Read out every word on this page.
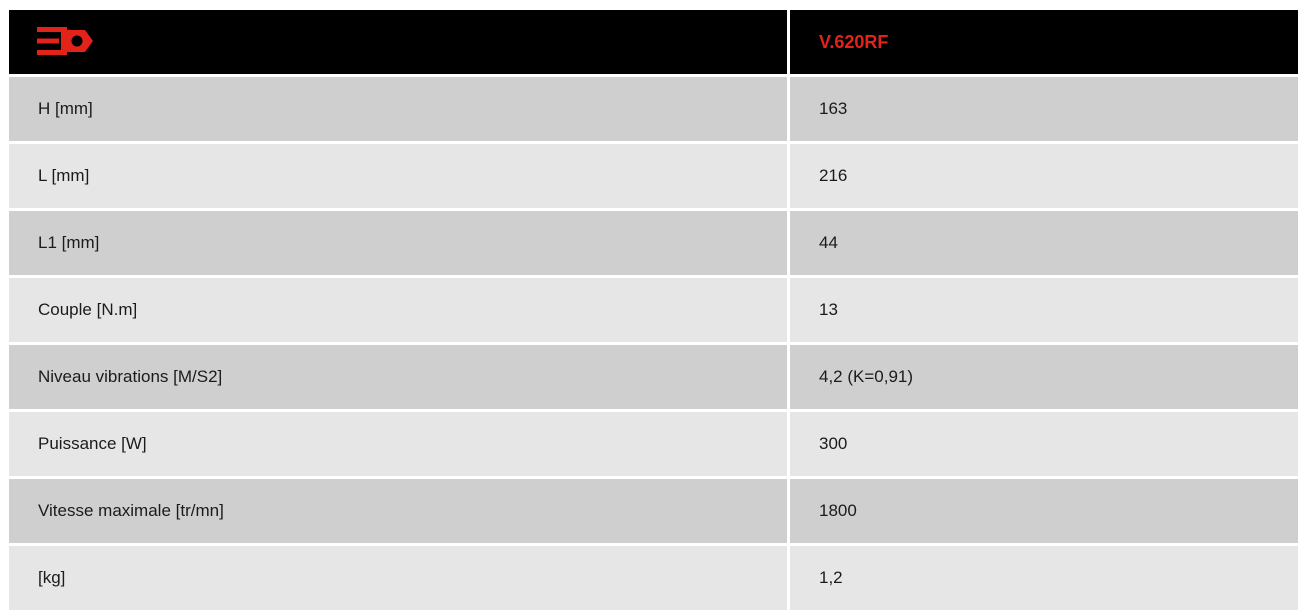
	V.620RF
H [mm]	163
L [mm]	216
L1 [mm]	44
Couple [N.m]	13
Niveau vibrations [M/S2]	4,2 (K=0,91)
Puissance [W]	300
Vitesse maximale [tr/mn]	1800
[kg]	1,2
